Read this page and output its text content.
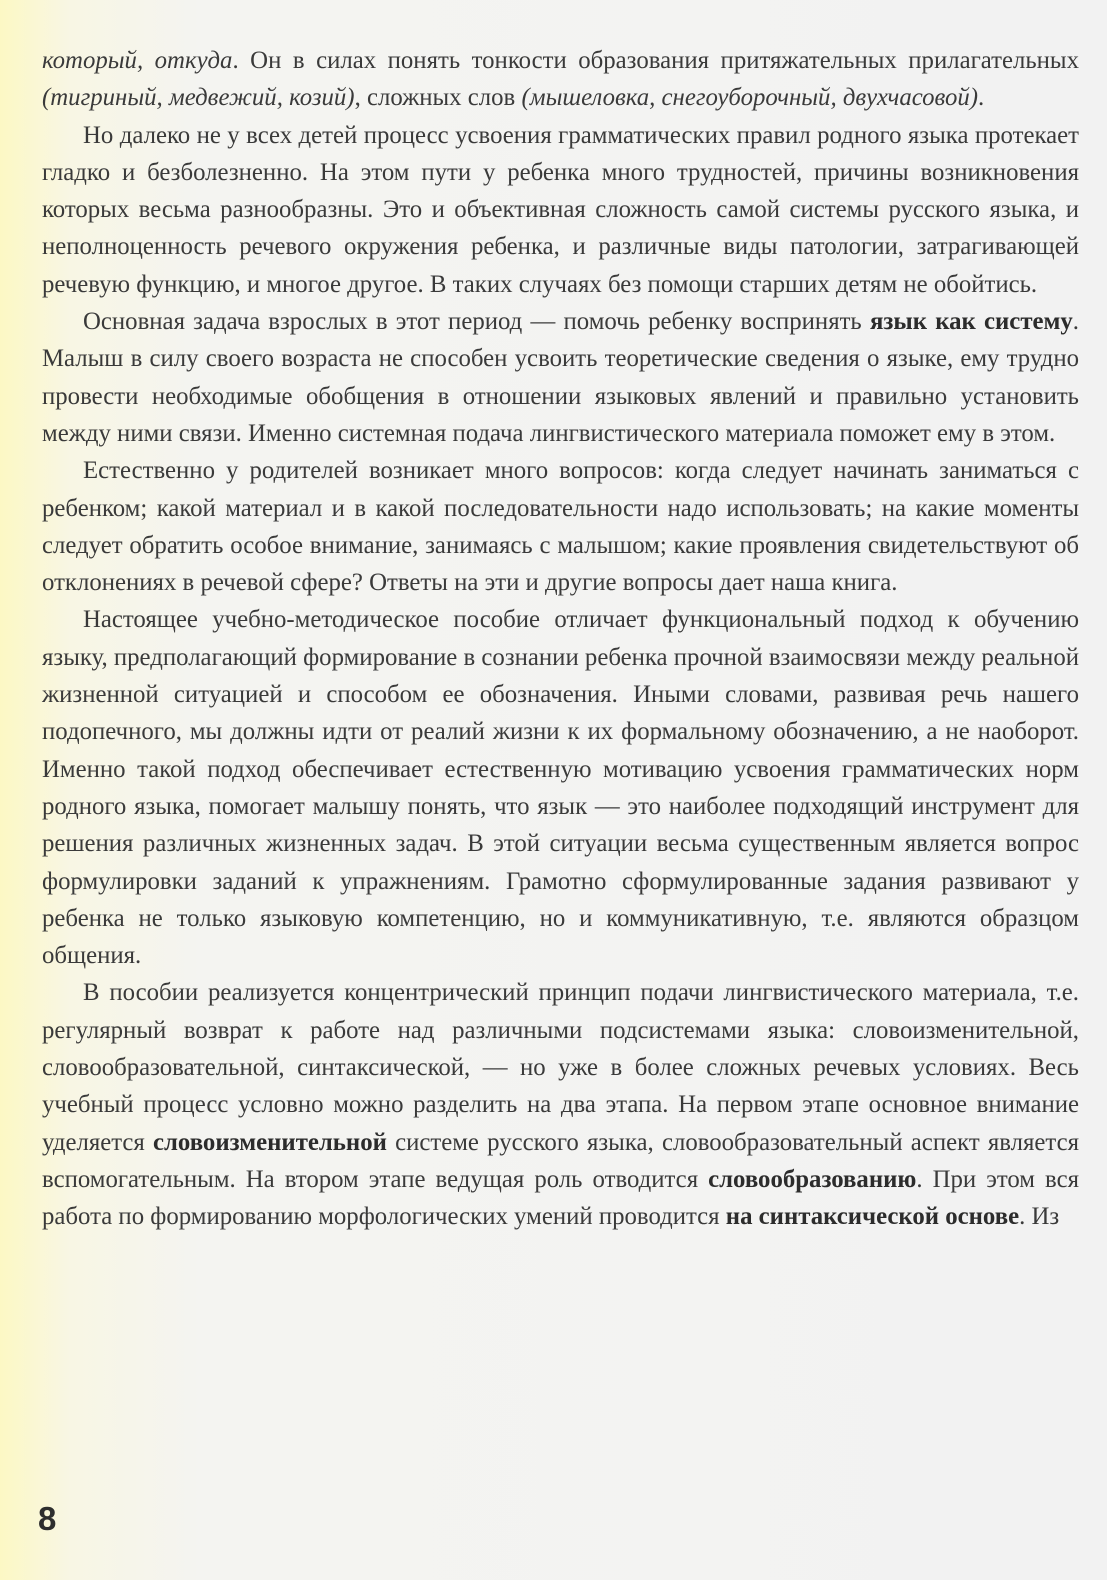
который, откуда. Он в силах понять тонкости образования притяжательных прилагательных (тигриный, медвежий, козий), сложных слов (мышеловка, снегоуборочный, двухчасовой).

Но далеко не у всех детей процесс усвоения грамматических правил родного языка протекает гладко и безболезненно. На этом пути у ребенка много трудностей, причины возникновения которых весьма разнообразны. Это и объективная сложность самой системы русского языка, и неполноценность речевого окружения ребенка, и различные виды патологии, затрагивающей речевую функцию, и многое другое. В таких случаях без помощи старших детям не обойтись.

Основная задача взрослых в этот период — помочь ребенку воспринять язык как систему. Малыш в силу своего возраста не способен усвоить теоретические сведения о языке, ему трудно провести необходимые обобщения в отношении языковых явлений и правильно установить между ними связи. Именно системная подача лингвистического материала поможет ему в этом.

Естественно у родителей возникает много вопросов: когда следует начинать заниматься с ребенком; какой материал и в какой последовательности надо использовать; на какие моменты следует обратить особое внимание, занимаясь с малышом; какие проявления свидетельствуют об отклонениях в речевой сфере? Ответы на эти и другие вопросы дает наша книга.

Настоящее учебно-методическое пособие отличает функциональный подход к обучению языку, предполагающий формирование в сознании ребенка прочной взаимосвязи между реальной жизненной ситуацией и способом ее обозначения. Иными словами, развивая речь нашего подопечного, мы должны идти от реалий жизни к их формальному обозначению, а не наоборот. Именно такой подход обеспечивает естественную мотивацию усвоения грамматических норм родного языка, помогает малышу понять, что язык — это наиболее подходящий инструмент для решения различных жизненных задач. В этой ситуации весьма существенным является вопрос формулировки заданий к упражнениям. Грамотно сформулированные задания развивают у ребенка не только языковую компетенцию, но и коммуникативную, т.е. являются образцом общения.

В пособии реализуется концентрический принцип подачи лингвистического материала, т.е. регулярный возврат к работе над различными подсистемами языка: словоизменительной, словообразовательной, синтаксической, — но уже в более сложных речевых условиях. Весь учебный процесс условно можно разделить на два этапа. На первом этапе основное внимание уделяется словоизменительной системе русского языка, словообразовательный аспект является вспомогательным. На втором этапе ведущая роль отводится словообразованию. При этом вся работа по формированию морфологических умений проводится на синтаксической основе. Из

8
